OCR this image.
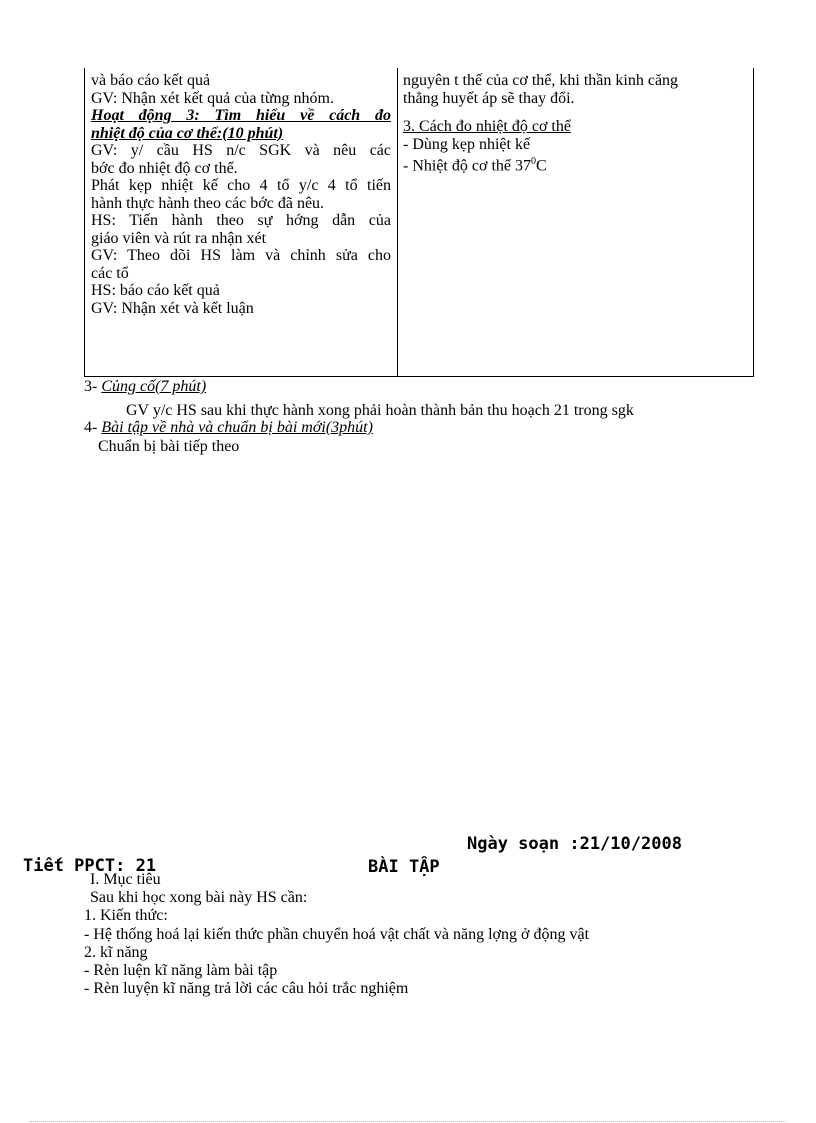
và báo cáo kết quả
GV: Nhận xét kết quả của từng nhóm.
Hoạt động 3: Tìm hiểu về cách đo
nhiệt độ của cơ thể:(10 phút)
GV: y/ cầu HS n/c SGK và nêu các
bớc đo nhiệt độ cơ thể.
Phát kẹp nhiệt kế cho 4 tổ y/c 4 tổ tiến
hành thực hành theo các bớc đã nêu.
HS: Tiến hành theo sự hớng dẫn của
giáo viên và rút ra nhận xét
GV: Theo dõi HS làm và chỉnh sửa cho
các tổ
HS: báo cáo kết quả
GV: Nhận xét và kết luận
nguyên t thế của cơ thể, khi thần kinh căng
thẳng huyết áp sẽ thay đổi.
3. Cách đo nhiệt độ cơ thể
- Dùng kẹp nhiệt kế
- Nhiệt độ cơ thể $37^0C$
3- Củng cố(7 phút)
GV y/c HS sau khi thực hành xong phải hoàn thành bản thu hoạch 21 trong sgk
4- Bài tập về nhà và chuẩn bị bài mới(3phút)
Chuẩn bị bài tiếp theo
Ngày soạn :21/10/2008
Tiết PPCT: 21	BÀI TẬP
I. Mục tiêu
Sau khi học xong bài này HS cần:
1. Kiến thức:
- Hệ thống hoá lại kiến thức phần chuyển hoá vật chất và năng lợng ở động vật
2. kĩ năng
- Rèn luện kĩ năng làm bài tập
- Rèn luyện kĩ năng trả lời các câu hỏi trắc nghiệm
